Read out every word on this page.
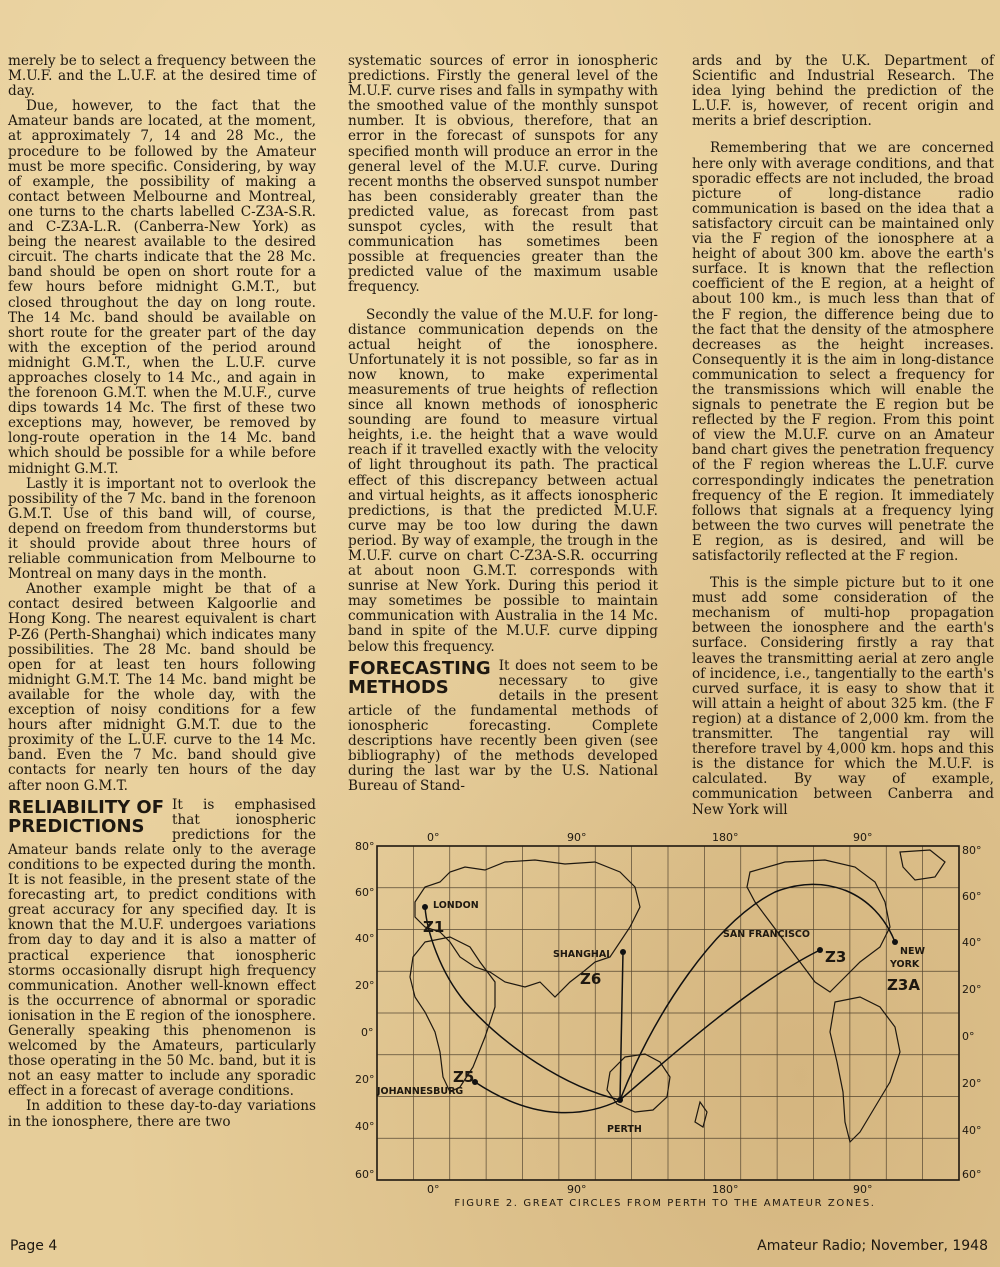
merely be to select a frequency between the M.U.F. and the L.U.F. at the desired time of day.

Due, however, to the fact that the Amateur bands are located, at the moment, at approximately 7, 14 and 28 Mc., the procedure to be followed by the Amateur must be more specific. Considering, by way of example, the possibility of making a contact between Melbourne and Montreal, one turns to the charts labelled C-Z3A-S.R. and C-Z3A-L.R. (Canberra-New York) as being the nearest available to the desired circuit. The charts indicate that the 28 Mc. band should be open on short route for a few hours before midnight G.M.T., but closed throughout the day on long route. The 14 Mc. band should be available on short route for the greater part of the day with the exception of the period around midnight G.M.T., when the L.U.F. curve approaches closely to 14 Mc., and again in the forenoon G.M.T. when the M.U.F., curve dips towards 14 Mc. The first of these two exceptions may, however, be removed by long-route operation in the 14 Mc. band which should be possible for a while before midnight G.M.T.

Lastly it is important not to overlook the possibility of the 7 Mc. band in the forenoon G.M.T. Use of this band will, of course, depend on freedom from thunderstorms but it should provide about three hours of reliable communication from Melbourne to Montreal on many days in the month.

Another example might be that of a contact desired between Kalgoorlie and Hong Kong. The nearest equivalent is chart P-Z6 (Perth-Shanghai) which indicates many possibilities. The 28 Mc. band should be open for at least ten hours following midnight G.M.T. The 14 Mc. band might be available for the whole day, with the exception of noisy conditions for a few hours after midnight G.M.T. due to the proximity of the L.U.F. curve to the 14 Mc. band. Even the 7 Mc. band should give contacts for nearly ten hours of the day after noon G.M.T.

RELIABILITY OF
PREDICTIONS

It is emphasised that ionospheric predictions for the Amateur bands relate only to the average conditions to be expected during the month. It is not feasible, in the present state of the forecasting art, to predict conditions with great accuracy for any specified day. It is known that the M.U.F. undergoes variations from day to day and it is also a matter of practical experience that ionospheric storms occasionally disrupt high frequency communication. Another well-known effect is the occurrence of abnormal or sporadic ionisation in the E region of the ionosphere. Generally speaking this phenomenon is welcomed by the Amateurs, particularly those operating in the 50 Mc. band, but it is not an easy matter to include any sporadic effect in a forecast of average conditions.

In addition to these day-to-day variations in the ionosphere, there are two

systematic sources of error in ionospheric predictions. Firstly the general level of the M.U.F. curve rises and falls in sympathy with the smoothed value of the monthly sunspot number. It is obvious, therefore, that an error in the forecast of sunspots for any specified month will produce an error in the general level of the M.U.F. curve. During recent months the observed sunspot number has been considerably greater than the predicted value, as forecast from past sunspot cycles, with the result that communication has sometimes been possible at frequencies greater than the predicted value of the maximum usable frequency.

Secondly the value of the M.U.F. for long-distance communication depends on the actual height of the ionosphere. Unfortunately it is not possible, so far as in now known, to make experimental measurements of true heights of reflection since all known methods of ionospheric sounding are found to measure virtual heights, i.e. the height that a wave would reach if it travelled exactly with the velocity of light throughout its path. The practical effect of this discrepancy between actual and virtual heights, as it affects ionospheric predictions, is that the predicted M.U.F. curve may be too low during the dawn period. By way of example, the trough in the M.U.F. curve on chart C-Z3A-S.R. occurring at about noon G.M.T. corresponds with sunrise at New York. During this period it may sometimes be possible to maintain communication with Australia in the 14 Mc. band in spite of the M.U.F. curve dipping below this frequency.

FORECASTING
METHODS

It does not seem to be necessary to give details in the present article of the fundamental methods of ionospheric forecasting. Complete descriptions have recently been given (see bibliography) of the methods developed during the last war by the U.S. National Bureau of Stand-

ards and by the U.K. Department of Scientific and Industrial Research. The idea lying behind the prediction of the L.U.F. is, however, of recent origin and merits a brief description.

Remembering that we are concerned here only with average conditions, and that sporadic effects are not included, the broad picture of long-distance radio communication is based on the idea that a satisfactory circuit can be maintained only via the F region of the ionosphere at a height of about 300 km. above the earth's surface. It is known that the reflection coefficient of the E region, at a height of about 100 km., is much less than that of the F region, the difference being due to the fact that the density of the atmosphere decreases as the height increases. Consequently it is the aim in long-distance communication to select a frequency for the transmissions which will enable the signals to penetrate the E region but be reflected by the F region. From this point of view the M.U.F. curve on an Amateur band chart gives the penetration frequency of the F region whereas the L.U.F. curve correspondingly indicates the penetration frequency of the E region. It immediately follows that signals at a frequency lying between the two curves will penetrate the E region, as is desired, and will be satisfactorily reflected at the F region.

This is the simple picture but to it one must add some consideration of the mechanism of multi-hop propagation between the ionosphere and the earth's surface. Considering firstly a ray that leaves the transmitting aerial at zero angle of incidence, i.e., tangentially to the earth's curved surface, it is easy to show that it will attain a height of about 325 km. (the F region) at a distance of 2,000 km. from the transmitter. The tangential ray will therefore travel by 4,000 km. hops and this is the distance for which the M.U.F. is calculated. By way of example, communication between Canberra and New York will

0°	90°	180°	90°
0°	90°	180°	90°
80°
60°
40°
20°
0°
20°
40°
60°
80°
60°
40°
20°
0°
20°
40°
60°
LONDON
SHANGHAI
SAN FRANCISCO
NEW
YORK
JOHANNESBURG
PERTH
Z1
Z6
Z3
Z3A
Z5
FIGURE 2. GREAT CIRCLES FROM PERTH TO THE AMATEUR ZONES.
Page 4	Amateur Radio; November, 1948
